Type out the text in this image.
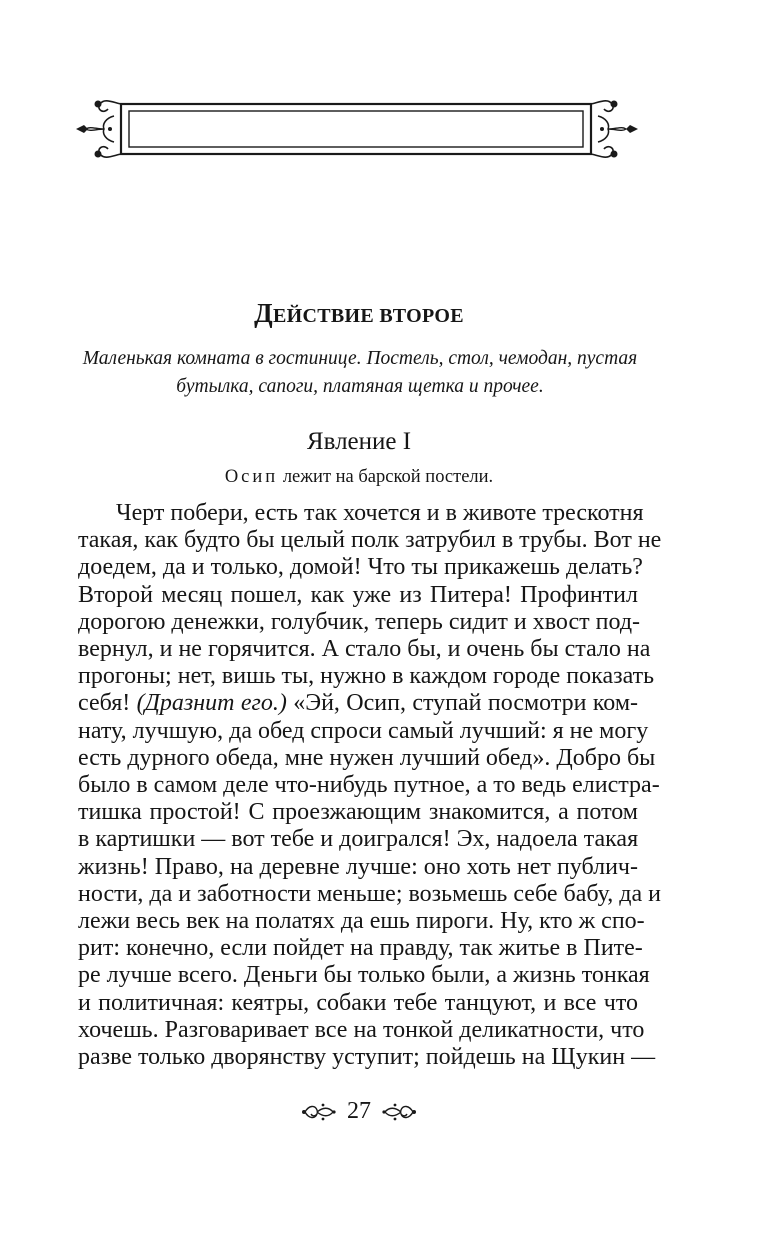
ДЕЙСТВИЕ ВТОРОЕ
Маленькая комната в гостинице. Постель, стол, чемодан, пустая
бутылка, сапоги, платяная щетка и прочее.
Явление I
Осип лежит на барской постели.
Черт побери, есть так хочется и в животе трескотня
такая, как будто бы целый полк затрубил в трубы. Вот не
доедем, да и только, домой! Что ты прикажешь делать?
Второй месяц пошел, как уже из Питера! Профинтил
дорогою денежки, голубчик, теперь сидит и хвост под-
вернул, и не горячится. А стало бы, и очень бы стало на
прогоны; нет, вишь ты, нужно в каждом городе показать
себя! (Дразнит его.) «Эй, Осип, ступай посмотри ком-
нату, лучшую, да обед спроси самый лучший: я не могу
есть дурного обеда, мне нужен лучший обед». Добро бы
было в самом деле что-нибудь путное, а то ведь елистра-
тишка простой! С проезжающим знакомится, а потом
в картишки — вот тебе и доигрался! Эх, надоела такая
жизнь! Право, на деревне лучше: оно хоть нет публич-
ности, да и заботности меньше; возьмешь себе бабу, да и
лежи весь век на полатях да ешь пироги. Ну, кто ж спо-
рит: конечно, если пойдет на правду, так житье в Пите-
ре лучше всего. Деньги бы только были, а жизнь тонкая
и политичная: кеятры, собаки тебе танцуют, и все что
хочешь. Разговаривает все на тонкой деликатности, что
разве только дворянству уступит; пойдешь на Щукин —
27
